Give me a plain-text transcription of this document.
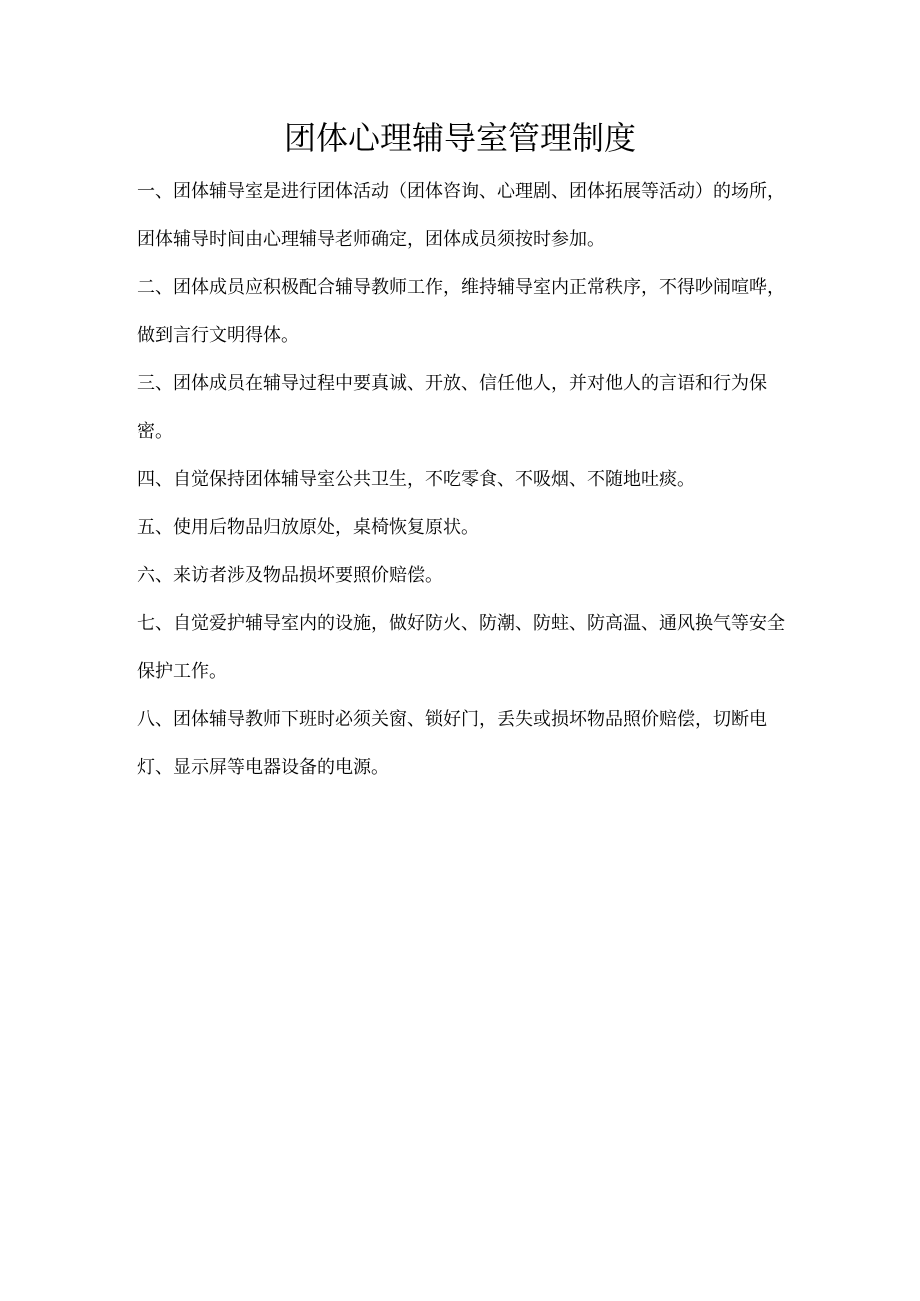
团体心理辅导室管理制度

一、团体辅导室是进行团体活动（团体咨询、心理剧、团体拓展等活动）的场所，团体辅导时间由心理辅导老师确定，团体成员须按时参加。

二、团体成员应积极配合辅导教师工作，维持辅导室内正常秩序，不得吵闹喧哗，做到言行文明得体。

三、团体成员在辅导过程中要真诚、开放、信任他人，并对他人的言语和行为保密。

四、自觉保持团体辅导室公共卫生，不吃零食、不吸烟、不随地吐痰。

五、使用后物品归放原处，桌椅恢复原状。

六、来访者涉及物品损坏要照价赔偿。

七、自觉爱护辅导室内的设施，做好防火、防潮、防蛀、防高温、通风换气等安全保护工作。

八、团体辅导教师下班时必须关窗、锁好门，丢失或损坏物品照价赔偿，切断电灯、显示屏等电器设备的电源。
